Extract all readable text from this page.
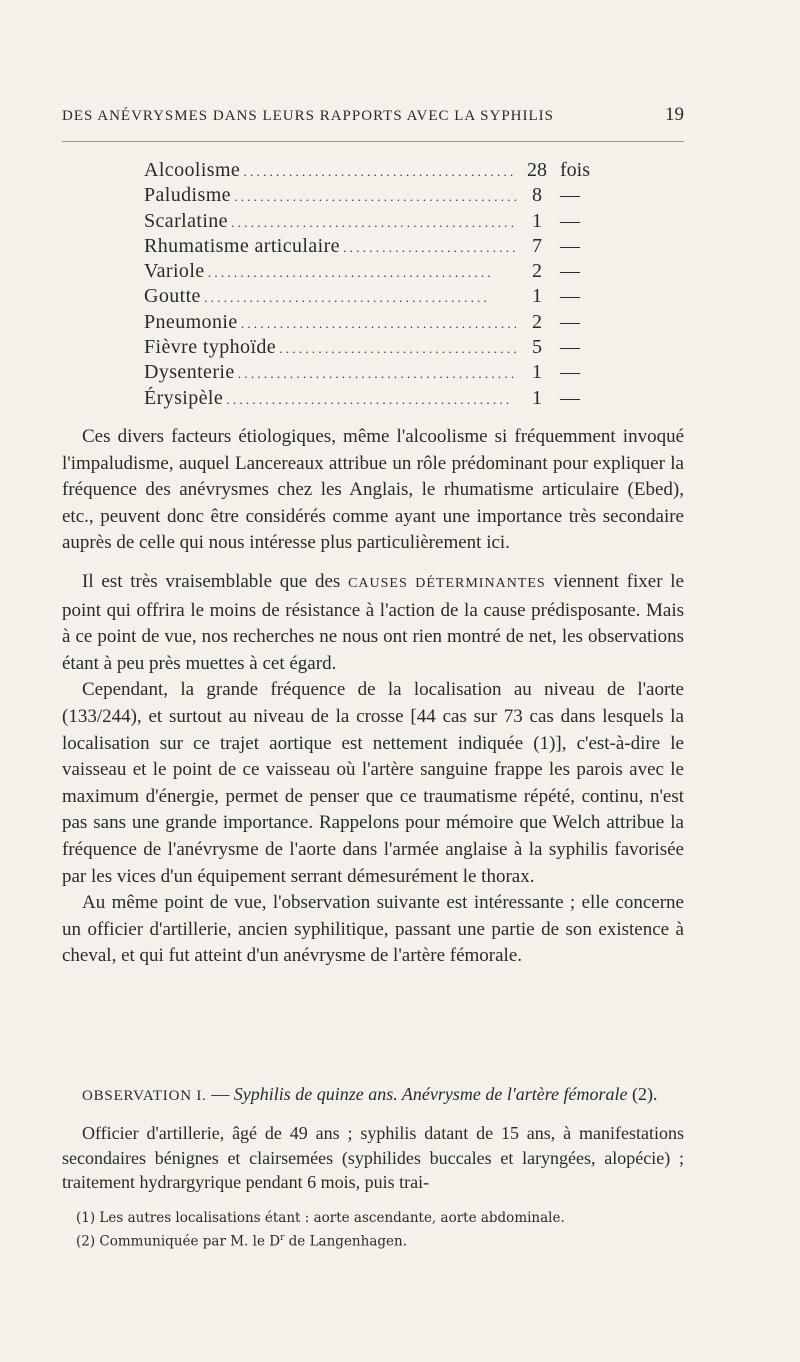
DES ANÉVRYSMES DANS LEURS RAPPORTS AVEC LA SYPHILIS	19
Alcoolisme . . .	28 fois
Paludisme . . .	8 —
Scarlatine . . .	1 —
Rhumatisme articulaire . . .	7 —
Variole . . .	2 —
Goutte . . .	1 —
Pneumonie . . .	2 —
Fièvre typhoïde . . .	5 —
Dysenterie . . .	1 —
Érysipèle . . .	1 —

Ces divers facteurs étiologiques, même l'alcoolisme si fréquemment invoqué l'impaludisme, auquel Lancereaux attribue un rôle prédominant pour expliquer la fréquence des anévrysmes chez les Anglais, le rhumatisme articulaire (Ebed), etc., peuvent donc être considérés comme ayant une importance très secondaire auprès de celle qui nous intéresse plus particulièrement ici.

Il est très vraisemblable que des CAUSES DÉTERMINANTES viennent fixer le point qui offrira le moins de résistance à l'action de la cause prédisposante. Mais à ce point de vue, nos recherches ne nous ont rien montré de net, les observations étant à peu près muettes à cet égard.

Cependant, la grande fréquence de la localisation au niveau de l'aorte (133/244), et surtout au niveau de la crosse [44 cas sur 73 cas dans lesquels la localisation sur ce trajet aortique est nettement indiquée (1)], c'est-à-dire le vaisseau et le point de ce vaisseau où l'artère sanguine frappe les parois avec le maximum d'énergie, permet de penser que ce traumatisme répété, continu, n'est pas sans une grande importance. Rappelons pour mémoire que Welch attribue la fréquence de l'anévrysme de l'aorte dans l'armée anglaise à la syphilis favorisée par les vices d'un équipement serrant démesurément le thorax.

Au même point de vue, l'observation suivante est intéressante ; elle concerne un officier d'artillerie, ancien syphilitique, passant une partie de son existence à cheval, et qui fut atteint d'un anévrysme de l'artère fémorale.

OBSERVATION I. — Syphilis de quinze ans. Anévrysme de l'artère fémorale (2).

Officier d'artillerie, âgé de 49 ans ; syphilis datant de 15 ans, à manifestations secondaires bénignes et clairsemées (syphilides buccales et laryngées, alopécie) ; traitement hydrargyrique pendant 6 mois, puis trai-

(1) Les autres localisations étant : aorte ascendante, aorte abdominale.
(2) Communiquée par M. le $D^r$ de Langenhagen.
